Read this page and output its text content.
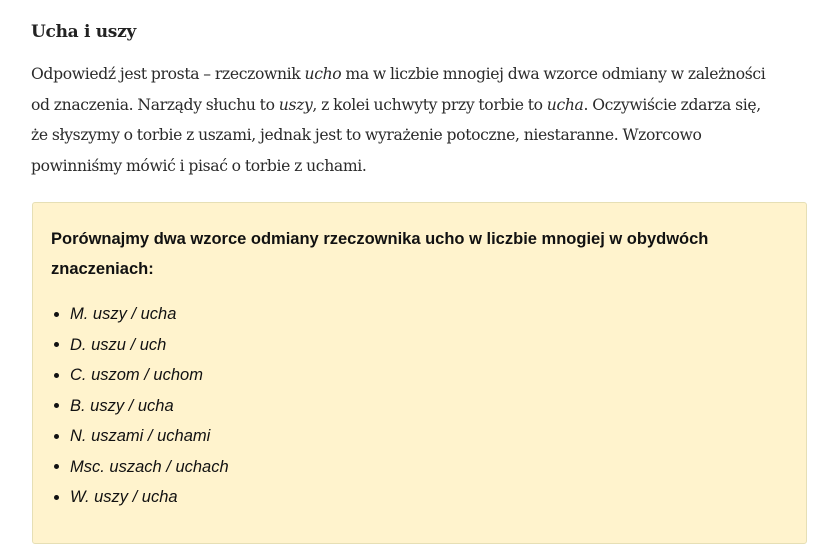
Ucha i uszy

Odpowiedź jest prosta – rzeczownik ucho ma w liczbie mnogiej dwa wzorce odmiany w zależności
od znaczenia. Narządy słuchu to uszy, z kolei uchwyty przy torbie to ucha. Oczywiście zdarza się,
że słyszymy o torbie z uszami, jednak jest to wyrażenie potoczne, niestaranne. Wzorcowo
powinniśmy mówić i pisać o torbie z uchami.

Porównajmy dwa wzorce odmiany rzeczownika ucho w liczbie mnogiej w obydwóch
znaczeniach:

M. uszy / ucha
D. uszu / uch
C. uszom / uchom
B. uszy / ucha
N. uszami / uchami
Msc. uszach / uchach
W. uszy / ucha
